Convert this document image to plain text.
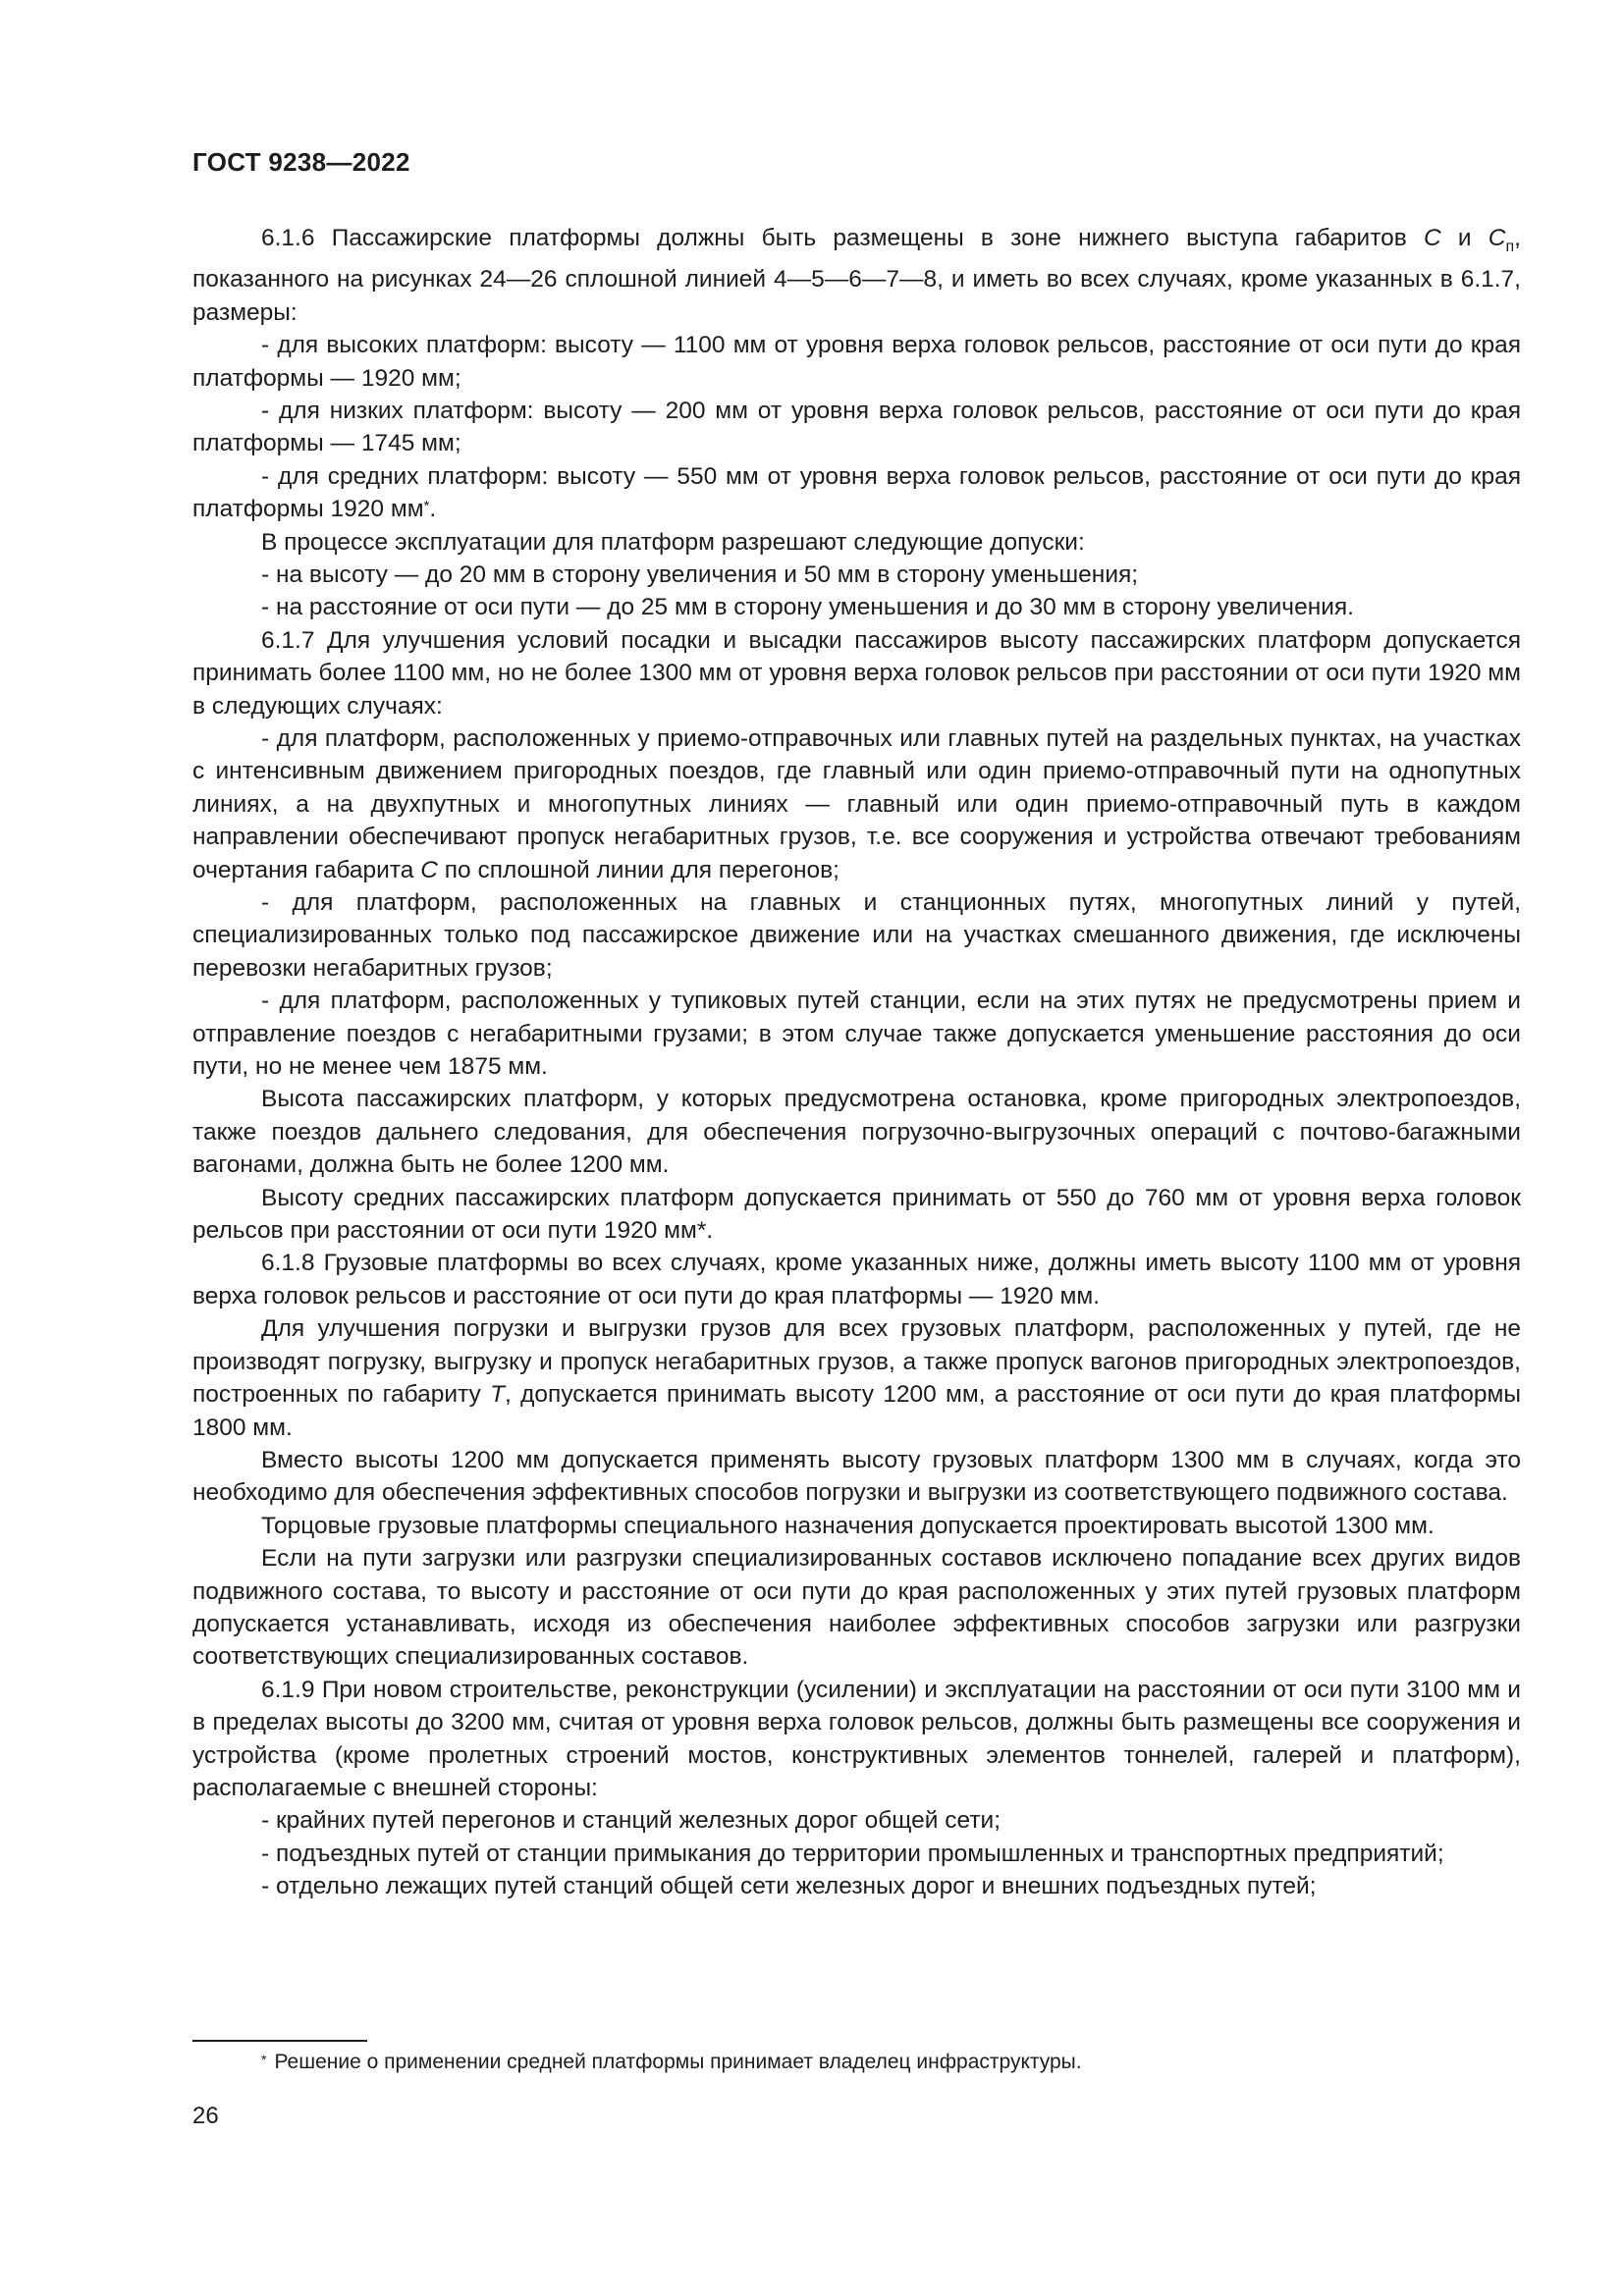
ГОСТ 9238—2022

6.1.6 Пассажирские платформы должны быть размещены в зоне нижнего выступа габаритов С и $С_п$, показанного на рисунках 24—26 сплошной линией 4—5—6—7—8, и иметь во всех случаях, кроме указанных в 6.1.7, размеры:

- для высоких платформ: высоту — 1100 мм от уровня верха головок рельсов, расстояние от оси пути до края платформы — 1920 мм;

- для низких платформ: высоту — 200 мм от уровня верха головок рельсов, расстояние от оси пути до края платформы — 1745 мм;

- для средних платформ: высоту — 550 мм от уровня верха головок рельсов, расстояние от оси пути до края платформы 1920 мм*.

В процессе эксплуатации для платформ разрешают следующие допуски:

- на высоту — до 20 мм в сторону увеличения и 50 мм в сторону уменьшения;

- на расстояние от оси пути — до 25 мм в сторону уменьшения и до 30 мм в сторону увеличения.

6.1.7 Для улучшения условий посадки и высадки пассажиров высоту пассажирских платформ допускается принимать более 1100 мм, но не более 1300 мм от уровня верха головок рельсов при расстоянии от оси пути 1920 мм в следующих случаях:

- для платформ, расположенных у приемо-отправочных или главных путей на раздельных пунктах, на участках с интенсивным движением пригородных поездов, где главный или один приемо-отправочный пути на однопутных линиях, а на двухпутных и многопутных линиях — главный или один приемо-отправочный путь в каждом направлении обеспечивают пропуск негабаритных грузов, т.е. все сооружения и устройства отвечают требованиям очертания габарита С по сплошной линии для перегонов;

- для платформ, расположенных на главных и станционных путях, многопутных линий у путей, специализированных только под пассажирское движение или на участках смешанного движения, где исключены перевозки негабаритных грузов;

- для платформ, расположенных у тупиковых путей станции, если на этих путях не предусмотрены прием и отправление поездов с негабаритными грузами; в этом случае также допускается уменьшение расстояния до оси пути, но не менее чем 1875 мм.

Высота пассажирских платформ, у которых предусмотрена остановка, кроме пригородных электропоездов, также поездов дальнего следования, для обеспечения погрузочно-выгрузочных операций с почтово-багажными вагонами, должна быть не более 1200 мм.

Высоту средних пассажирских платформ допускается принимать от 550 до 760 мм от уровня верха головок рельсов при расстоянии от оси пути 1920 мм*.

6.1.8 Грузовые платформы во всех случаях, кроме указанных ниже, должны иметь высоту 1100 мм от уровня верха головок рельсов и расстояние от оси пути до края платформы — 1920 мм.

Для улучшения погрузки и выгрузки грузов для всех грузовых платформ, расположенных у путей, где не производят погрузку, выгрузку и пропуск негабаритных грузов, а также пропуск вагонов пригородных электропоездов, построенных по габариту Т, допускается принимать высоту 1200 мм, а расстояние от оси пути до края платформы 1800 мм.

Вместо высоты 1200 мм допускается применять высоту грузовых платформ 1300 мм в случаях, когда это необходимо для обеспечения эффективных способов погрузки и выгрузки из соответствующего подвижного состава.

Торцовые грузовые платформы специального назначения допускается проектировать высотой 1300 мм.

Если на пути загрузки или разгрузки специализированных составов исключено попадание всех других видов подвижного состава, то высоту и расстояние от оси пути до края расположенных у этих путей грузовых платформ допускается устанавливать, исходя из обеспечения наиболее эффективных способов загрузки или разгрузки соответствующих специализированных составов.

6.1.9 При новом строительстве, реконструкции (усилении) и эксплуатации на расстоянии от оси пути 3100 мм и в пределах высоты до 3200 мм, считая от уровня верха головок рельсов, должны быть размещены все сооружения и устройства (кроме пролетных строений мостов, конструктивных элементов тоннелей, галерей и платформ), располагаемые с внешней стороны:

- крайних путей перегонов и станций железных дорог общей сети;

- подъездных путей от станции примыкания до территории промышленных и транспортных предприятий;

- отдельно лежащих путей станций общей сети железных дорог и внешних подъездных путей;

* Решение о применении средней платформы принимает владелец инфраструктуры.
26
